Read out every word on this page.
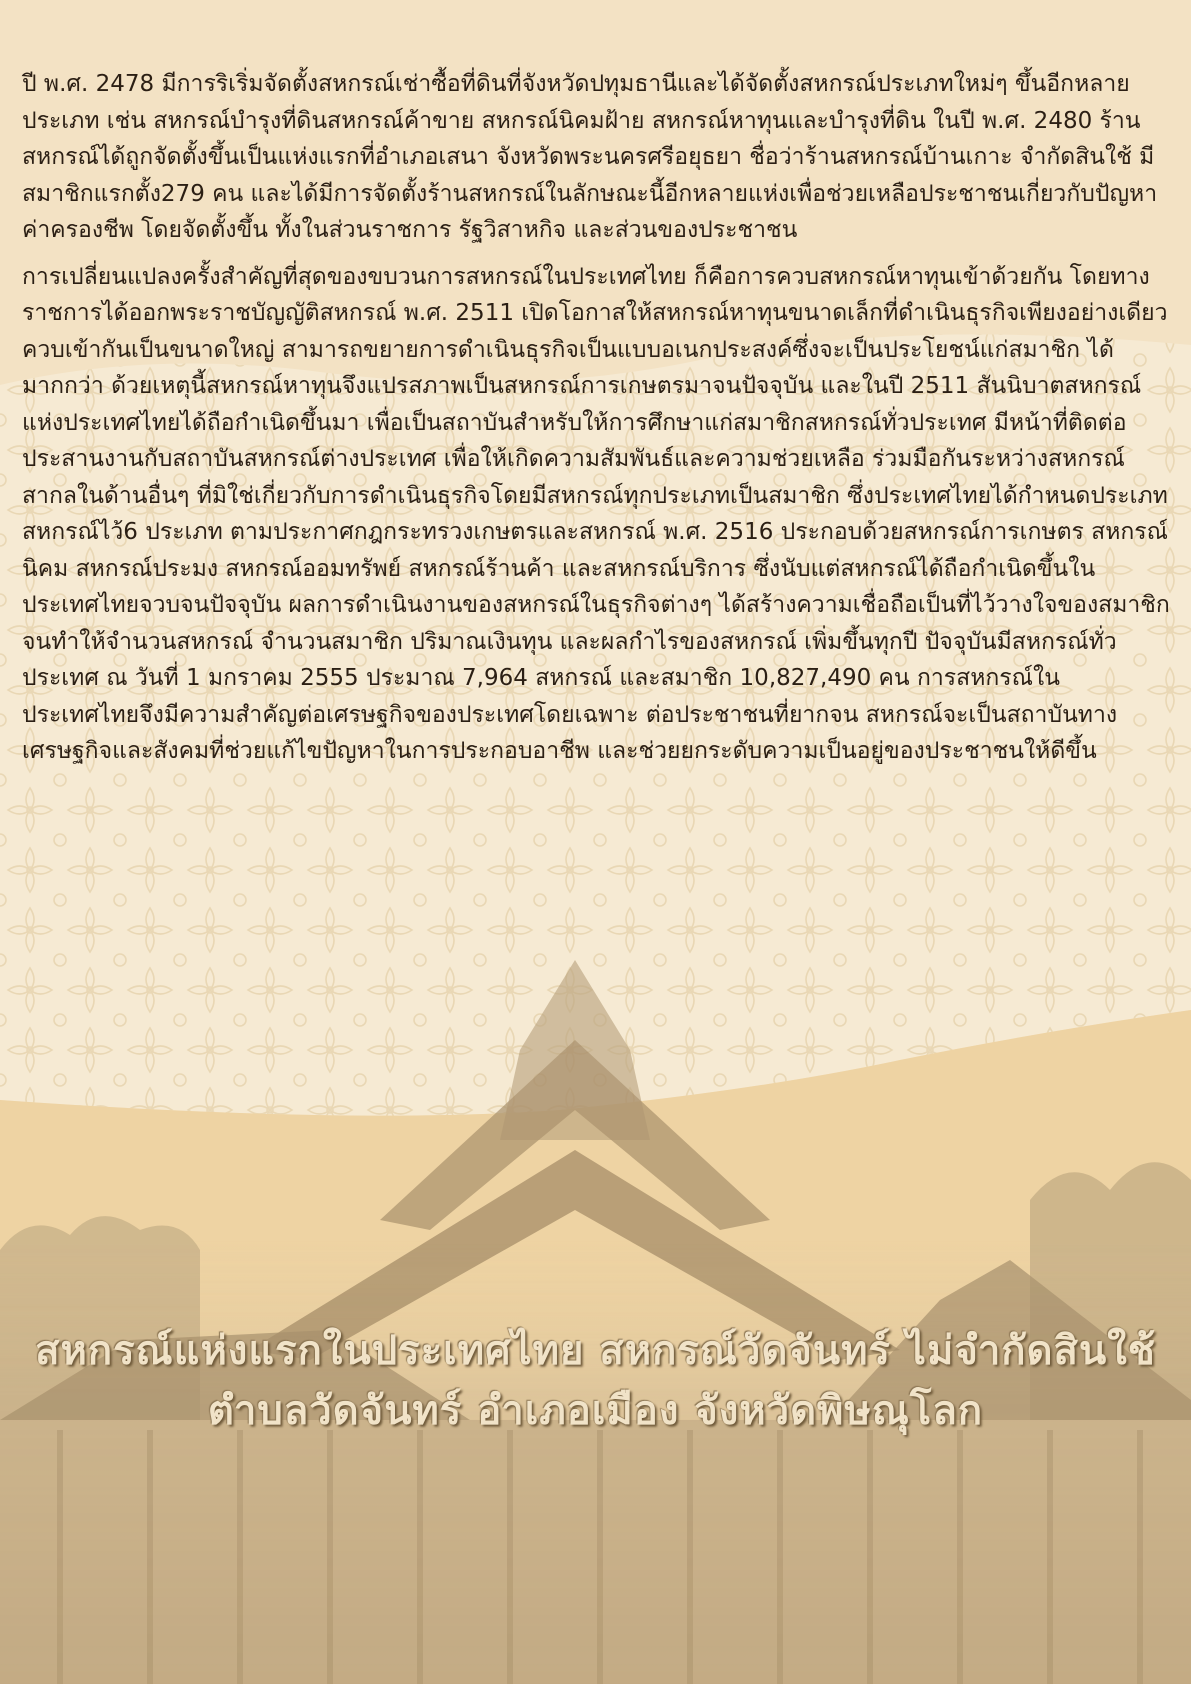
ปี พ.ศ. 2478 มีการริเริ่มจัดตั้งสหกรณ์เช่าซื้อที่ดินที่จังหวัดปทุมธานีและได้จัดตั้งสหกรณ์ประเภทใหม่ๆ ขึ้นอีกหลายประเภท เช่น สหกรณ์บำรุงที่ดินสหกรณ์ค้าขาย สหกรณ์นิคมฝ้าย สหกรณ์หาทุนและบำรุงที่ดิน ในปี พ.ศ. 2480 ร้านสหกรณ์ได้ถูกจัดตั้งขึ้นเป็นแห่งแรกที่อำเภอเสนา จังหวัดพระนครศรีอยุธยา ชื่อว่าร้านสหกรณ์บ้านเกาะ จำกัดสินใช้ มีสมาชิกแรกตั้ง279 คน และได้มีการจัดตั้งร้านสหกรณ์ในลักษณะนี้อีกหลายแห่งเพื่อช่วยเหลือประชาชนเกี่ยวกับปัญหาค่าครองชีพ โดยจัดตั้งขึ้น ทั้งในส่วนราชการ รัฐวิสาหกิจ และส่วนของประชาชน

การเปลี่ยนแปลงครั้งสำคัญที่สุดของขบวนการสหกรณ์ในประเทศไทย ก็คือการควบสหกรณ์หาทุนเข้าด้วยกัน โดยทางราชการได้ออกพระราชบัญญัติสหกรณ์ พ.ศ. 2511 เปิดโอกาสให้สหกรณ์หาทุนขนาดเล็กที่ดำเนินธุรกิจเพียงอย่างเดียวควบเข้ากันเป็นขนาดใหญ่ สามารถขยายการดำเนินธุรกิจเป็นแบบอเนกประสงค์ซึ่งจะเป็นประโยชน์แก่สมาชิก ได้มากกว่า ด้วยเหตุนี้สหกรณ์หาทุนจึงแปรสภาพเป็นสหกรณ์การเกษตรมาจนปัจจุบัน และในปี 2511 สันนิบาตสหกรณ์แห่งประเทศไทยได้ถือกำเนิดขึ้นมา เพื่อเป็นสถาบันสำหรับให้การศึกษาแก่สมาชิกสหกรณ์ทั่วประเทศ มีหน้าที่ติดต่อประสานงานกับสถาบันสหกรณ์ต่างประเทศ เพื่อให้เกิดความสัมพันธ์และความช่วยเหลือ ร่วมมือกันระหว่างสหกรณ์สากลในด้านอื่นๆ ที่มิใช่เกี่ยวกับการดำเนินธุรกิจโดยมีสหกรณ์ทุกประเภทเป็นสมาชิก ซึ่งประเทศไทยได้กำหนดประเภทสหกรณ์ไว้6 ประเภท ตามประกาศกฎกระทรวงเกษตรและสหกรณ์ พ.ศ. 2516 ประกอบด้วยสหกรณ์การเกษตร สหกรณ์นิคม สหกรณ์ประมง สหกรณ์ออมทรัพย์ สหกรณ์ร้านค้า และสหกรณ์บริการ ซึ่งนับแต่สหกรณ์ได้ถือกำเนิดขึ้นในประเทศไทยจวบจนปัจจุบัน ผลการดำเนินงานของสหกรณ์ในธุรกิจต่างๆ ได้สร้างความเชื่อถือเป็นที่ไว้วางใจของสมาชิกจนทำให้จำนวนสหกรณ์ จำนวนสมาชิก ปริมาณเงินทุน และผลกำไรของสหกรณ์ เพิ่มขึ้นทุกปี ปัจจุบันมีสหกรณ์ทั่วประเทศ ณ วันที่ 1 มกราคม 2555 ประมาณ 7,964 สหกรณ์ และสมาชิก 10,827,490 คน การสหกรณ์ในประเทศไทยจึงมีความสำคัญต่อเศรษฐกิจของประเทศโดยเฉพาะ ต่อประชาชนที่ยากจน สหกรณ์จะเป็นสถาบันทางเศรษฐกิจและสังคมที่ช่วยแก้ไขปัญหาในการประกอบอาชีพ และช่วยยกระดับความเป็นอยู่ของประชาชนให้ดีขึ้น

สหกรณ์แห่งแรกในประเทศไทย สหกรณ์วัดจันทร์ ไม่จำกัดสินใช้
ตำบลวัดจันทร์ อำเภอเมือง จังหวัดพิษณุโลก
